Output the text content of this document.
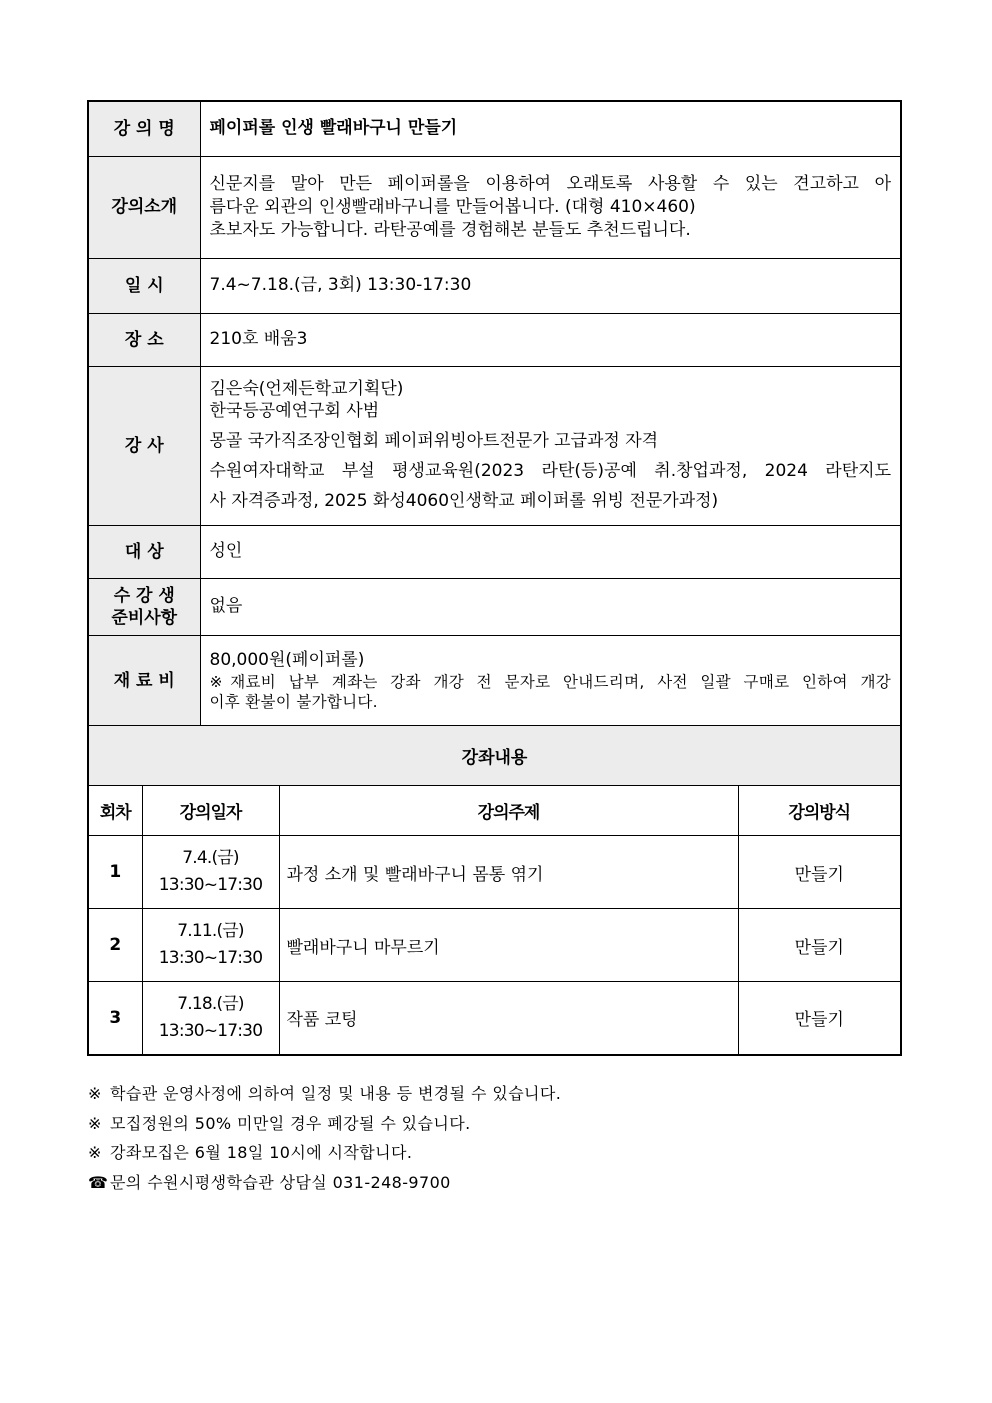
강 의 명	페이퍼롤 인생 빨래바구니 만들기
강의소개	신문지를 말아 만든 페이퍼롤을 이용하여 오래토록 사용할 수 있는 견고하고 아
름다운 외관의 인생빨래바구니를 만들어봅니다. (대형 410×460)
초보자도 가능합니다. 라탄공예를 경험해본 분들도 추천드립니다.

일 시	7.4~7.18.(금, 3회) 13:30-17:30
장 소	210호 배움3
강 사	김은숙(언제든학교기획단)
한국등공예연구회 사범
몽골 국가직조장인협회 페이퍼위빙아트전문가 고급과정 자격
수원여자대학교 부설 평생교육원(2023 라탄(등)공예 취.창업과정, 2024 라탄지도
사 자격증과정, 2025 화성4060인생학교 페이퍼롤 위빙 전문가과정)

대 상	성인

수 강 생
준비사항	없음
재 료 비	80,000원(페이퍼롤)
※재료비 납부 계좌는 강좌 개강 전 문자로 안내드리며, 사전 일괄 구매로 인하여 개강
이후 환불이 불가합니다.
강좌내용			
회차	강의일자	강의주제	강의방식
1	7.4.(금)
13:30~17:30	과정 소개 및 빨래바구니 몸통 엮기	만들기
2	7.11.(금)
13:30~17:30	빨래바구니 마무르기	만들기
3	7.18.(금)
13:30~17:30	작품 코팅	만들기
※ 학습관 운영사정에 의하여 일정 및 내용 등 변경될 수 있습니다.
※ 모집정원의 50% 미만일 경우 폐강될 수 있습니다.
※ 강좌모집은 6월 18일 10시에 시작합니다.
☎ 문의 수원시평생학습관 상담실 031-248-9700
